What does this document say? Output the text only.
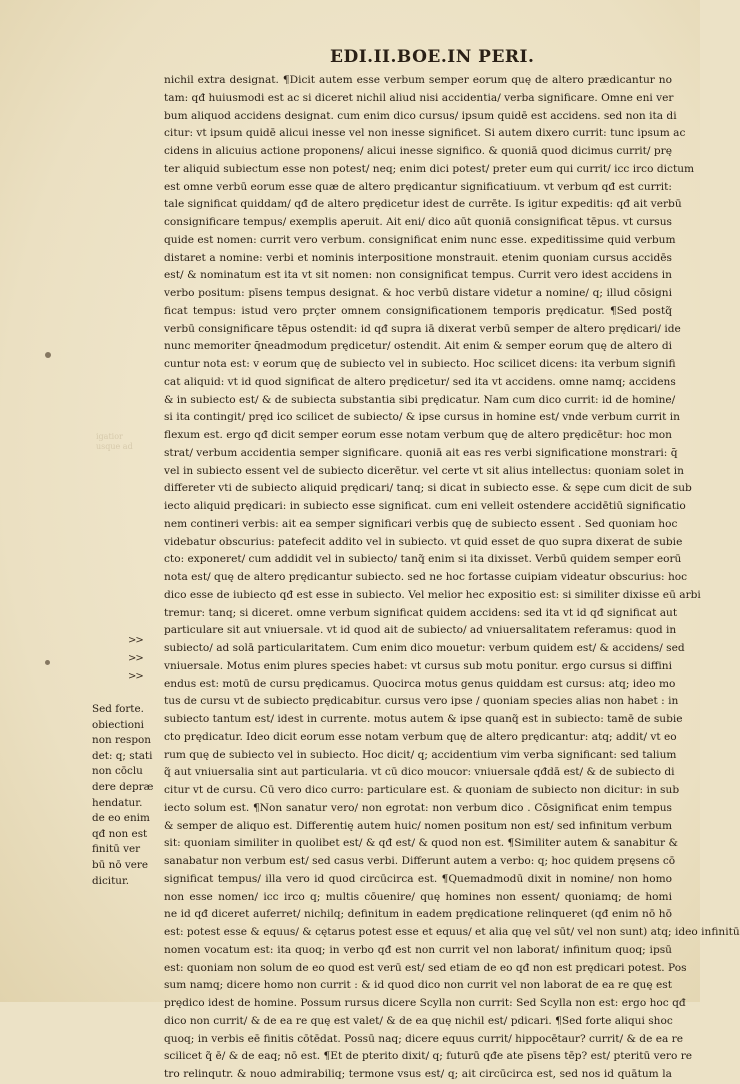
EDI.II.BOE.IN PERI.
nichil extra designat. ¶Dicit autem esse verbum semper eorum quę de altero prædicantur no
tam: qđ huiusmodi est ac si diceret nichil aliud nisi accidentia/ verba significare. Omne eni ver
bum aliquod accidens designat. cum enim dico cursus/ ipsum quidē est accidens. sed non ita di
citur: vt ipsum quidē alicui inesse vel non inesse significet. Si autem dixero currit: tunc ipsum ac
cidens in alicuius actione proponens/ alicui inesse significo. & quoniā quod dicimus currit/ prę
ter aliquid subiectum esse non potest/ neq; enim dici potest/ preter eum qui currit/ icc irco dictum
est omne verbū eorum esse quæ de altero prędicantur significatiuum. vt verbum qđ est currit:
tale significat quiddam/ qđ de altero prędicetur idest de currēte. Is igitur expeditis: qđ ait verbū
consignificare tempus/ exemplis aperuit. Ait eni/ dico aūt quoniā consignificat tēpus. vt cursus
quide est nomen: currit vero verbum. consignificat enim nunc esse. expeditissime quid verbum
distaret a nomine: verbi et nominis interpositione monstrauit. etenim quoniam cursus accidēs
est/ & nominatum est ita vt sit nomen: non consignificat tempus. Currit vero idest accidens in
verbo positum: pīsens tempus designat. & hoc verbū distare videtur a nomine/ q; illud cōsigni
ficat tempus: istud vero prçter omnem consignificationem temporis prędicatur. ¶Sed postq̃
verbū consignificare tēpus ostendit: id qđ supra iā dixerat verbū semper de altero prędicari/ ide
nunc memoriter q̄neadmodum prędicetur/ ostendit. Ait enim & semper eorum quę de altero di
cuntur nota est: v eorum quę de subiecto vel in subiecto. Hoc scilicet dicens: ita verbum signifi
cat aliquid: vt id quod significat de altero prędicetur/ sed ita vt accidens. omne namq; accidens
& in subiecto est/ & de subiecta substantia sibi prędicatur. Nam cum dico currit: id de homine/
si ita contingit/ pręd ico scilicet de subiecto/ & ipse cursus in homine est/ vnde verbum currit in
flexum est. ergo qđ dicit semper eorum esse notam verbum quę de altero prędicētur: hoc mon
strat/ verbum accidentia semper significare. quoniā ait eas res verbi significatione monstrari: q̄
vel in subiecto essent vel de subiecto dicerētur. vel certe vt sit alius intellectus: quoniam solet in
differeter vti de subiecto aliquid prędicari/ tanq; si dicat in subiecto esse. & sępe cum dicit de sub
iecto aliquid prędicari: in subiecto esse significat. cum eni velleit ostendere accidētiū significatio
nem contineri verbis: ait ea semper significari verbis quę de subiecto essent . Sed quoniam hoc
videbatur obscurius: patefecit addito vel in subiecto. vt quid esset de quo supra dixerat de subie
cto: exponeret/ cum addidit vel in subiecto/ tanq̃ enim si ita dixisset. Verbū quidem semper eorū
nota est/ quę de altero prędicantur subiecto. sed ne hoc fortasse cuipiam videatur obscurius: hoc
dico esse de iubiecto qđ est esse in subiecto. Vel melior hec expositio est: si similiter dixisse eū arbi
tremur: tanq; si diceret. omne verbum significat quidem accidens: sed ita vt id qđ significat aut
particulare sit aut vniuersale. vt id quod ait de subiecto/ ad vniuersalitatem referamus: quod in
subiecto/ ad solā particularitatem. Cum enim dico mouetur: verbum quidem est/ & accidens/ sed
vniuersale. Motus enim plures species habet: vt cursus sub motu ponitur. ergo cursus si diffini
endus est: motū de cursu prędicamus. Quocirca motus genus quiddam est cursus: atq; ideo mo
tus de cursu vt de subiecto prędicabitur. cursus vero ipse / quoniam species alias non habet : in
subiecto tantum est/ idest in currente. motus autem & ipse quanq̃ est in subiecto: tamē de subie
cto prędicatur. Ideo dicit eorum esse notam verbum quę de altero prędicantur: atq; addit/ vt eo
rum quę de subiecto vel in subiecto. Hoc dicit/ q; accidentium vim verba significant: sed talium
q̃ aut vniuersalia sint aut particularia. vt cū dico moucor: vniuersale qđdā est/ & de subiecto di
citur vt de cursu. Cū vero dico curro: particulare est. & quoniam de subiecto non dicitur: in sub
iecto solum est. ¶Non sanatur vero/ non egrotat: non verbum dico . Cōsignificat enim tempus
& semper de aliquo est. Differentię autem huic/ nomen positum non est/ sed infinitum verbum
sit: quoniam similiter in quolibet est/ & qđ est/ & quod non est. ¶Similiter autem & sanabitur &
sanabatur non verbum est/ sed casus verbi. Differunt autem a verbo: q; hoc quidem pręsens cō
significat tempus/ illa vero id quod circūcirca est. ¶Quemadmodū dixit in nomine/ non homo
non esse nomen/ icc irco q; multis cōuenire/ quę homines non essent/ quoniamq; de homi
ne id qđ diceret auferret/ nichilq; definitum in eadem prędicatione relinqueret (qđ enim nō hō
est: potest esse & equus/ & cętarus potest esse et equus/ et alia quę vel sūt/ vel non sunt) atq; ideo infinitū
nomen vocatum est: ita quoq; in verbo qđ est non currit vel non laborat/ infinitum quoq; ipsū
est: quoniam non solum de eo quod est verū est/ sed etiam de eo qđ non est prędicari potest. Pos
sum namq; dicere homo non currit : & id quod dico non currit vel non laborat de ea re quę est
prędico idest de homine. Possum rursus dicere Scylla non currit: Sed Scylla non est: ergo hoc qđ
dico non currit/ & de ea re quę est valet/ & de ea quę nichil est/ pdicari. ¶Sed forte aliqui shoc
quoq; in verbis eē finitis cōtēdat. Possū naq; dicere equus currit/ hippocētaur? currit/ & de ea re
scilicet q̃ ē/ & de eaq; nō est. ¶Et de pterito dixit/ q; futurū qđe ate pīsens tēp? est/ pteritū vero re
tro relinqutr. & nouo admirabiliq; termone vsus est/ q; ait circūcirca est, sed nos id quātum la
Sed forte.
obiectioni
non respon
det: q; stati
non cōclu
dere depræ
hendatur.
de eo enim
qđ non est
finitū ver
bū nō vere
dicitur.
>>
>>
>>
igatior
usque ad
